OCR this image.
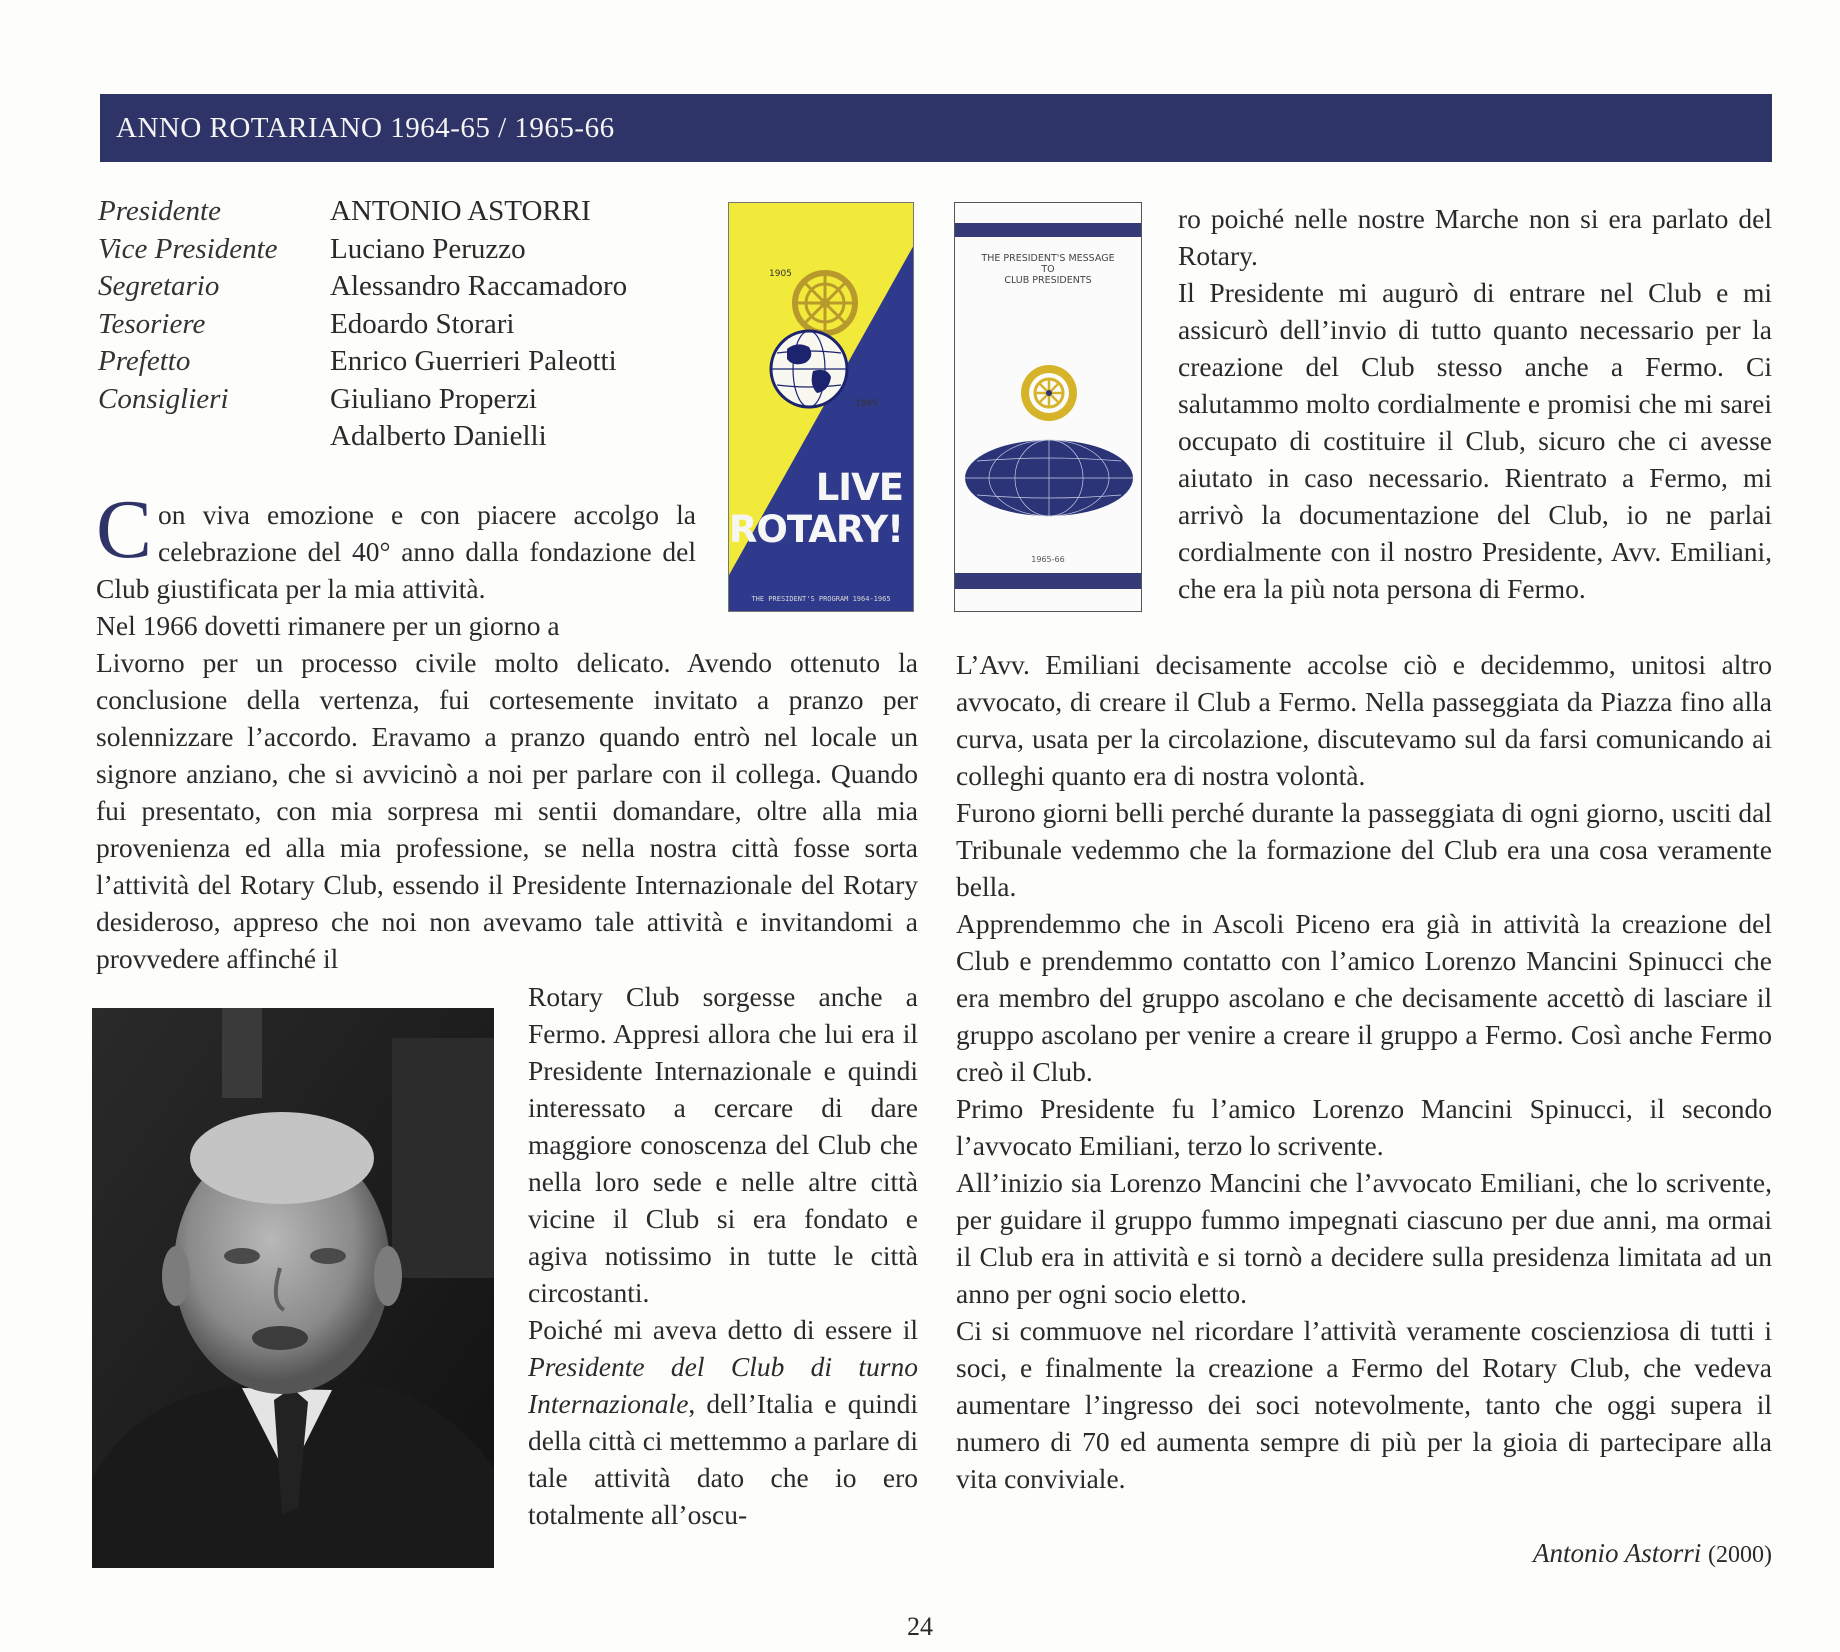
ANNO ROTARIANO 1964-65 / 1965-66
Presidente	ANTONIO ASTORRI
Vice Presidente	Luciano Peruzzo
Segretario	Alessandro Raccamadoro
Tesoriere	Edoardo Storari
Prefetto	Enrico Guerrieri Paleotti
Consiglieri	Giuliano Properzi
Adalberto Danielli
1905
1965
LIVE
ROTARY!
THE PRESIDENT'S PROGRAM 1964-1965
THE PRESIDENT'S MESSAGE
TO
CLUB PRESIDENTS
1965-66

Con viva emozione e con piacere accolgo la celebrazione del 40° anno dalla fondazione del Club giustificata per la mia attività.

Nel 1966 dovetti rimanere per un giorno a

Livorno per un processo civile molto delicato. Avendo ottenuto la conclusione della vertenza, fui cortesemente invitato a pranzo per solennizzare l’accordo. Eravamo a pranzo quando entrò nel locale un signore anziano, che si avvicinò a noi per parlare con il collega. Quando fui presentato, con mia sorpresa mi sentii domandare, oltre alla mia provenienza ed alla mia professione, se nella nostra città fosse sorta l’attività del Rotary Club, essendo il Presidente Internazionale del Rotary desideroso, appreso che noi non avevamo tale attività e invitandomi a provvedere affinché il

Rotary Club sorgesse anche a Fermo. Appresi allora che lui era il Presidente Internazionale e quindi interessato a cercare di dare maggiore conoscenza del Club che nella loro sede e nelle altre città vicine il Club si era fondato e agiva notissimo in tutte le città circostanti.

Poiché mi aveva detto di essere il Presidente del Club di turno Internazionale, dell’Italia e quindi della città ci mettemmo a parlare di tale attività dato che io ero totalmente all’oscu-

ro poiché nelle nostre Marche non si era parlato del Rotary.
Il Presidente mi augurò di entrare nel Club e mi assicurò dell’invio di tutto quanto necessario per la creazione del Club stesso anche a Fermo. Ci salutammo molto cordialmente e promisi che mi sarei occupato di costituire il Club, sicuro che ci avesse aiutato in caso necessario. Rientrato a Fermo, mi arrivò la documentazione del Club, io ne parlai cordialmente con il nostro Presidente, Avv. Emiliani, che era la più nota persona di Fermo.

L’Avv. Emiliani decisamente accolse ciò e decidemmo, unitosi altro avvocato, di creare il Club a Fermo. Nella passeggiata da Piazza fino alla curva, usata per la circolazione, discutevamo sul da farsi comunicando ai colleghi quanto era di nostra volontà.

Furono giorni belli perché durante la passeggiata di ogni giorno, usciti dal Tribunale vedemmo che la formazione del Club era una cosa veramente bella.

Apprendemmo che in Ascoli Piceno era già in attività la creazione del Club e prendemmo contatto con l’amico Lorenzo Mancini Spinucci che era membro del gruppo ascolano e che decisamente accettò di lasciare il gruppo ascolano per venire a creare il gruppo a Fermo. Così anche Fermo creò il Club.

Primo Presidente fu l’amico Lorenzo Mancini Spinucci, il secondo l’avvocato Emiliani, terzo lo scrivente.

All’inizio sia Lorenzo Mancini che l’avvocato Emiliani, che lo scrivente, per guidare il gruppo fummo impegnati ciascuno per due anni, ma ormai il Club era in attività e si tornò a decidere sulla presidenza limitata ad un anno per ogni socio eletto.

Ci si commuove nel ricordare l’attività veramente coscienziosa di tutti i soci, e finalmente la creazione a Fermo del Rotary Club, che vedeva aumentare l’ingresso dei soci notevolmente, tanto che oggi supera il numero di 70 ed aumenta sempre di più per la gioia di partecipare alla vita conviviale.

Antonio Astorri (2000)
24
